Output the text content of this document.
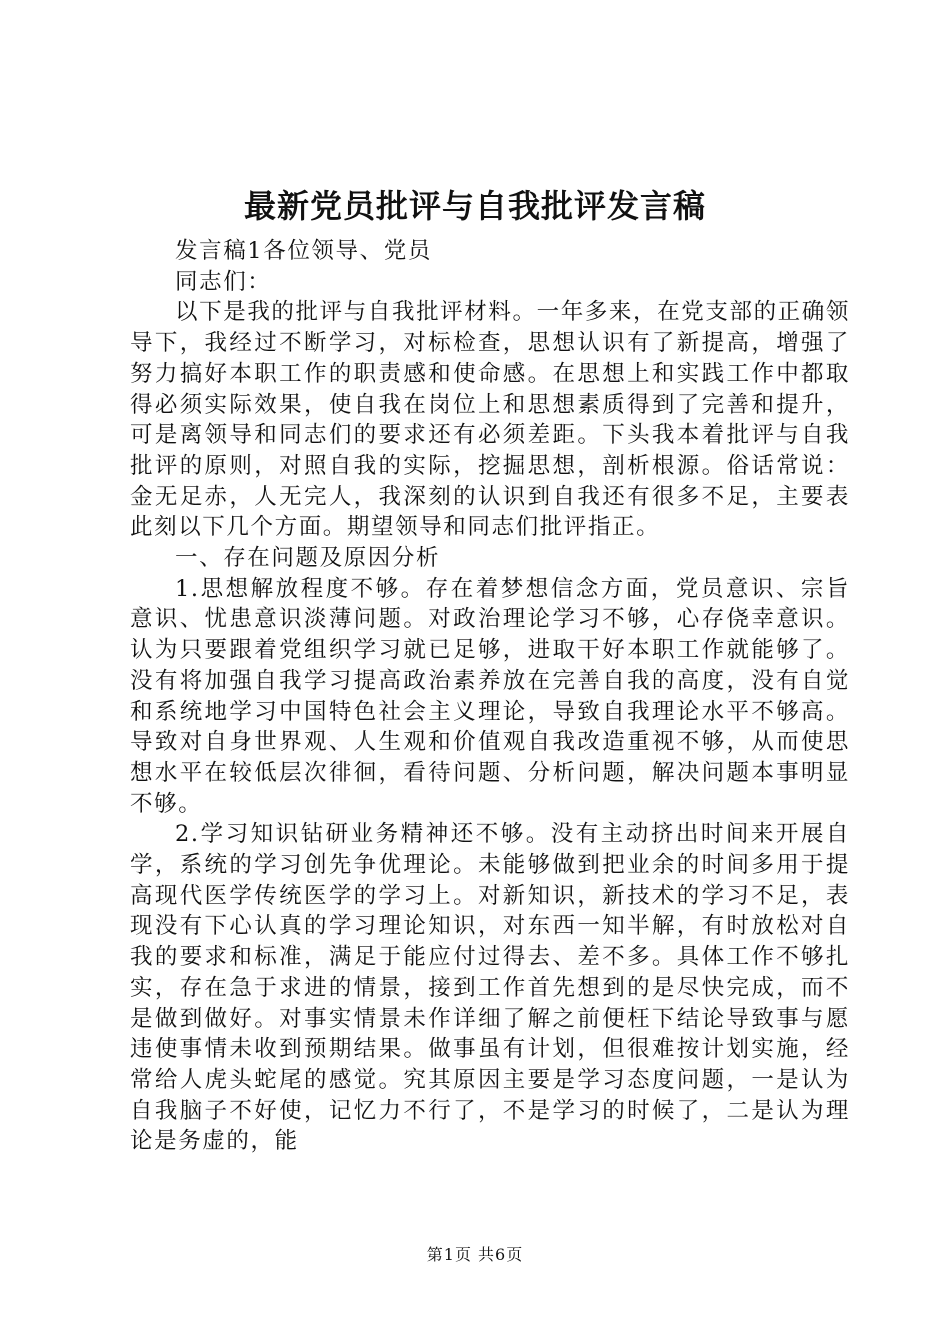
最新党员批评与自我批评发言稿

发言稿1各位领导、党员

同志们：

以下是我的批评与自我批评材料。一年多来，在党支部的正确领导下，我经过不断学习，对标检查，思想认识有了新提高，增强了努力搞好本职工作的职责感和使命感。在思想上和实践工作中都取得必须实际效果，使自我在岗位上和思想素质得到了完善和提升，可是离领导和同志们的要求还有必须差距。下头我本着批评与自我批评的原则，对照自我的实际，挖掘思想，剖析根源。俗话常说：金无足赤，人无完人，我深刻的认识到自我还有很多不足，主要表此刻以下几个方面。期望领导和同志们批评指正。

一、存在问题及原因分析

1.思想解放程度不够。存在着梦想信念方面，党员意识、宗旨意识、忧患意识淡薄问题。对政治理论学习不够，心存侥幸意识。认为只要跟着党组织学习就已足够，进取干好本职工作就能够了。没有将加强自我学习提高政治素养放在完善自我的高度，没有自觉和系统地学习中国特色社会主义理论，导致自我理论水平不够高。导致对自身世界观、人生观和价值观自我改造重视不够，从而使思想水平在较低层次徘徊，看待问题、分析问题，解决问题本事明显不够。

2.学习知识钻研业务精神还不够。没有主动挤出时间来开展自学，系统的学习创先争优理论。未能够做到把业余的时间多用于提高现代医学传统医学的学习上。对新知识，新技术的学习不足，表现没有下心认真的学习理论知识，对东西一知半解，有时放松对自我的要求和标准，满足于能应付过得去、差不多。具体工作不够扎实，存在急于求进的情景，接到工作首先想到的是尽快完成，而不是做到做好。对事实情景未作详细了解之前便枉下结论导致事与愿违使事情未收到预期结果。做事虽有计划，但很难按计划实施，经常给人虎头蛇尾的感觉。究其原因主要是学习态度问题，一是认为自我脑子不好使，记忆力不行了，不是学习的时候了，二是认为理论是务虚的，能

第1页 共6页
